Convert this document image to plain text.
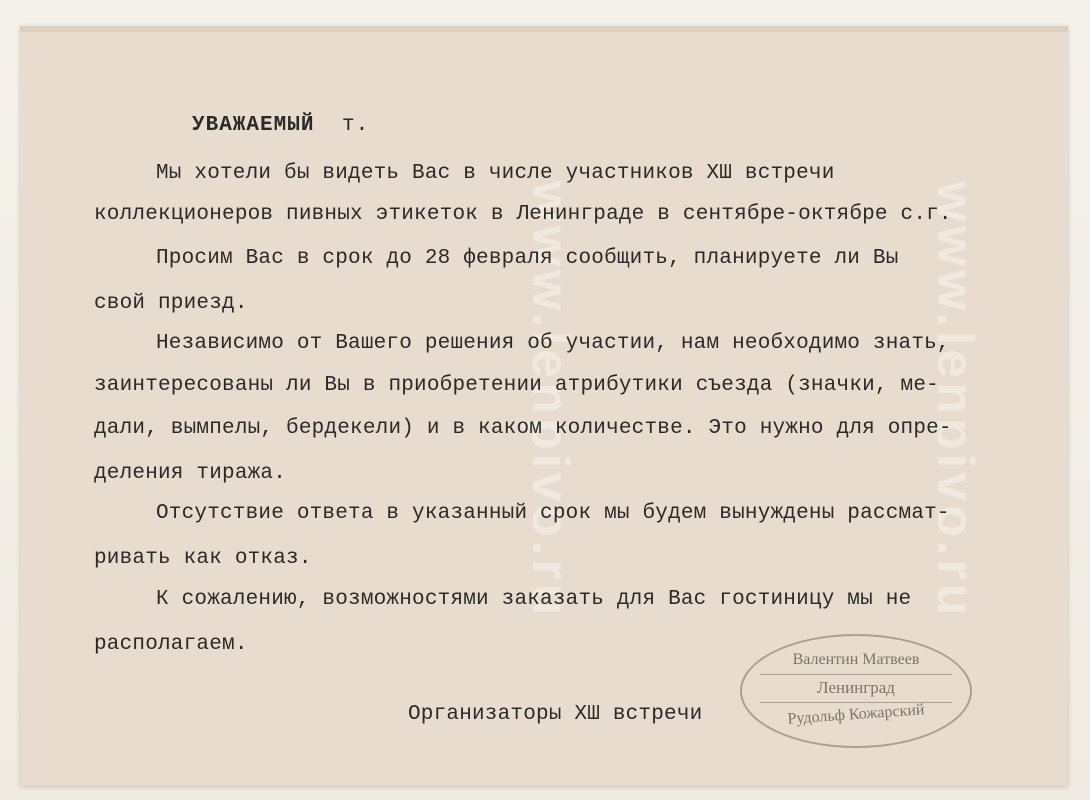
www.lenpivo.ru	www.lenpivo.ru
УВАЖАЕМЫЙ т.
Мы хотели бы видеть Вас в числе участников ХШ встречи
коллекционеров пивных этикеток в Ленинграде в сентябре-октябре с.г.
Просим Вас в срок до 28 февраля сообщить, планируете ли Вы
свой приезд.
Независимо от Вашего решения об участии, нам необходимо знать,
заинтересованы ли Вы в приобретении атрибутики съезда (значки, ме-
дали, вымпелы, бердекели) и в каком количестве. Это нужно для опре-
деления тиража.
Отсутствие ответа в указанный срок мы будем вынуждены рассмат-
ривать как отказ.
К сожалению, возможностями заказать для Вас гостиницу мы не
располагаем.
Организаторы ХШ встречи
Валентин Матвеев
Ленинград
Рудольф Кожарский
